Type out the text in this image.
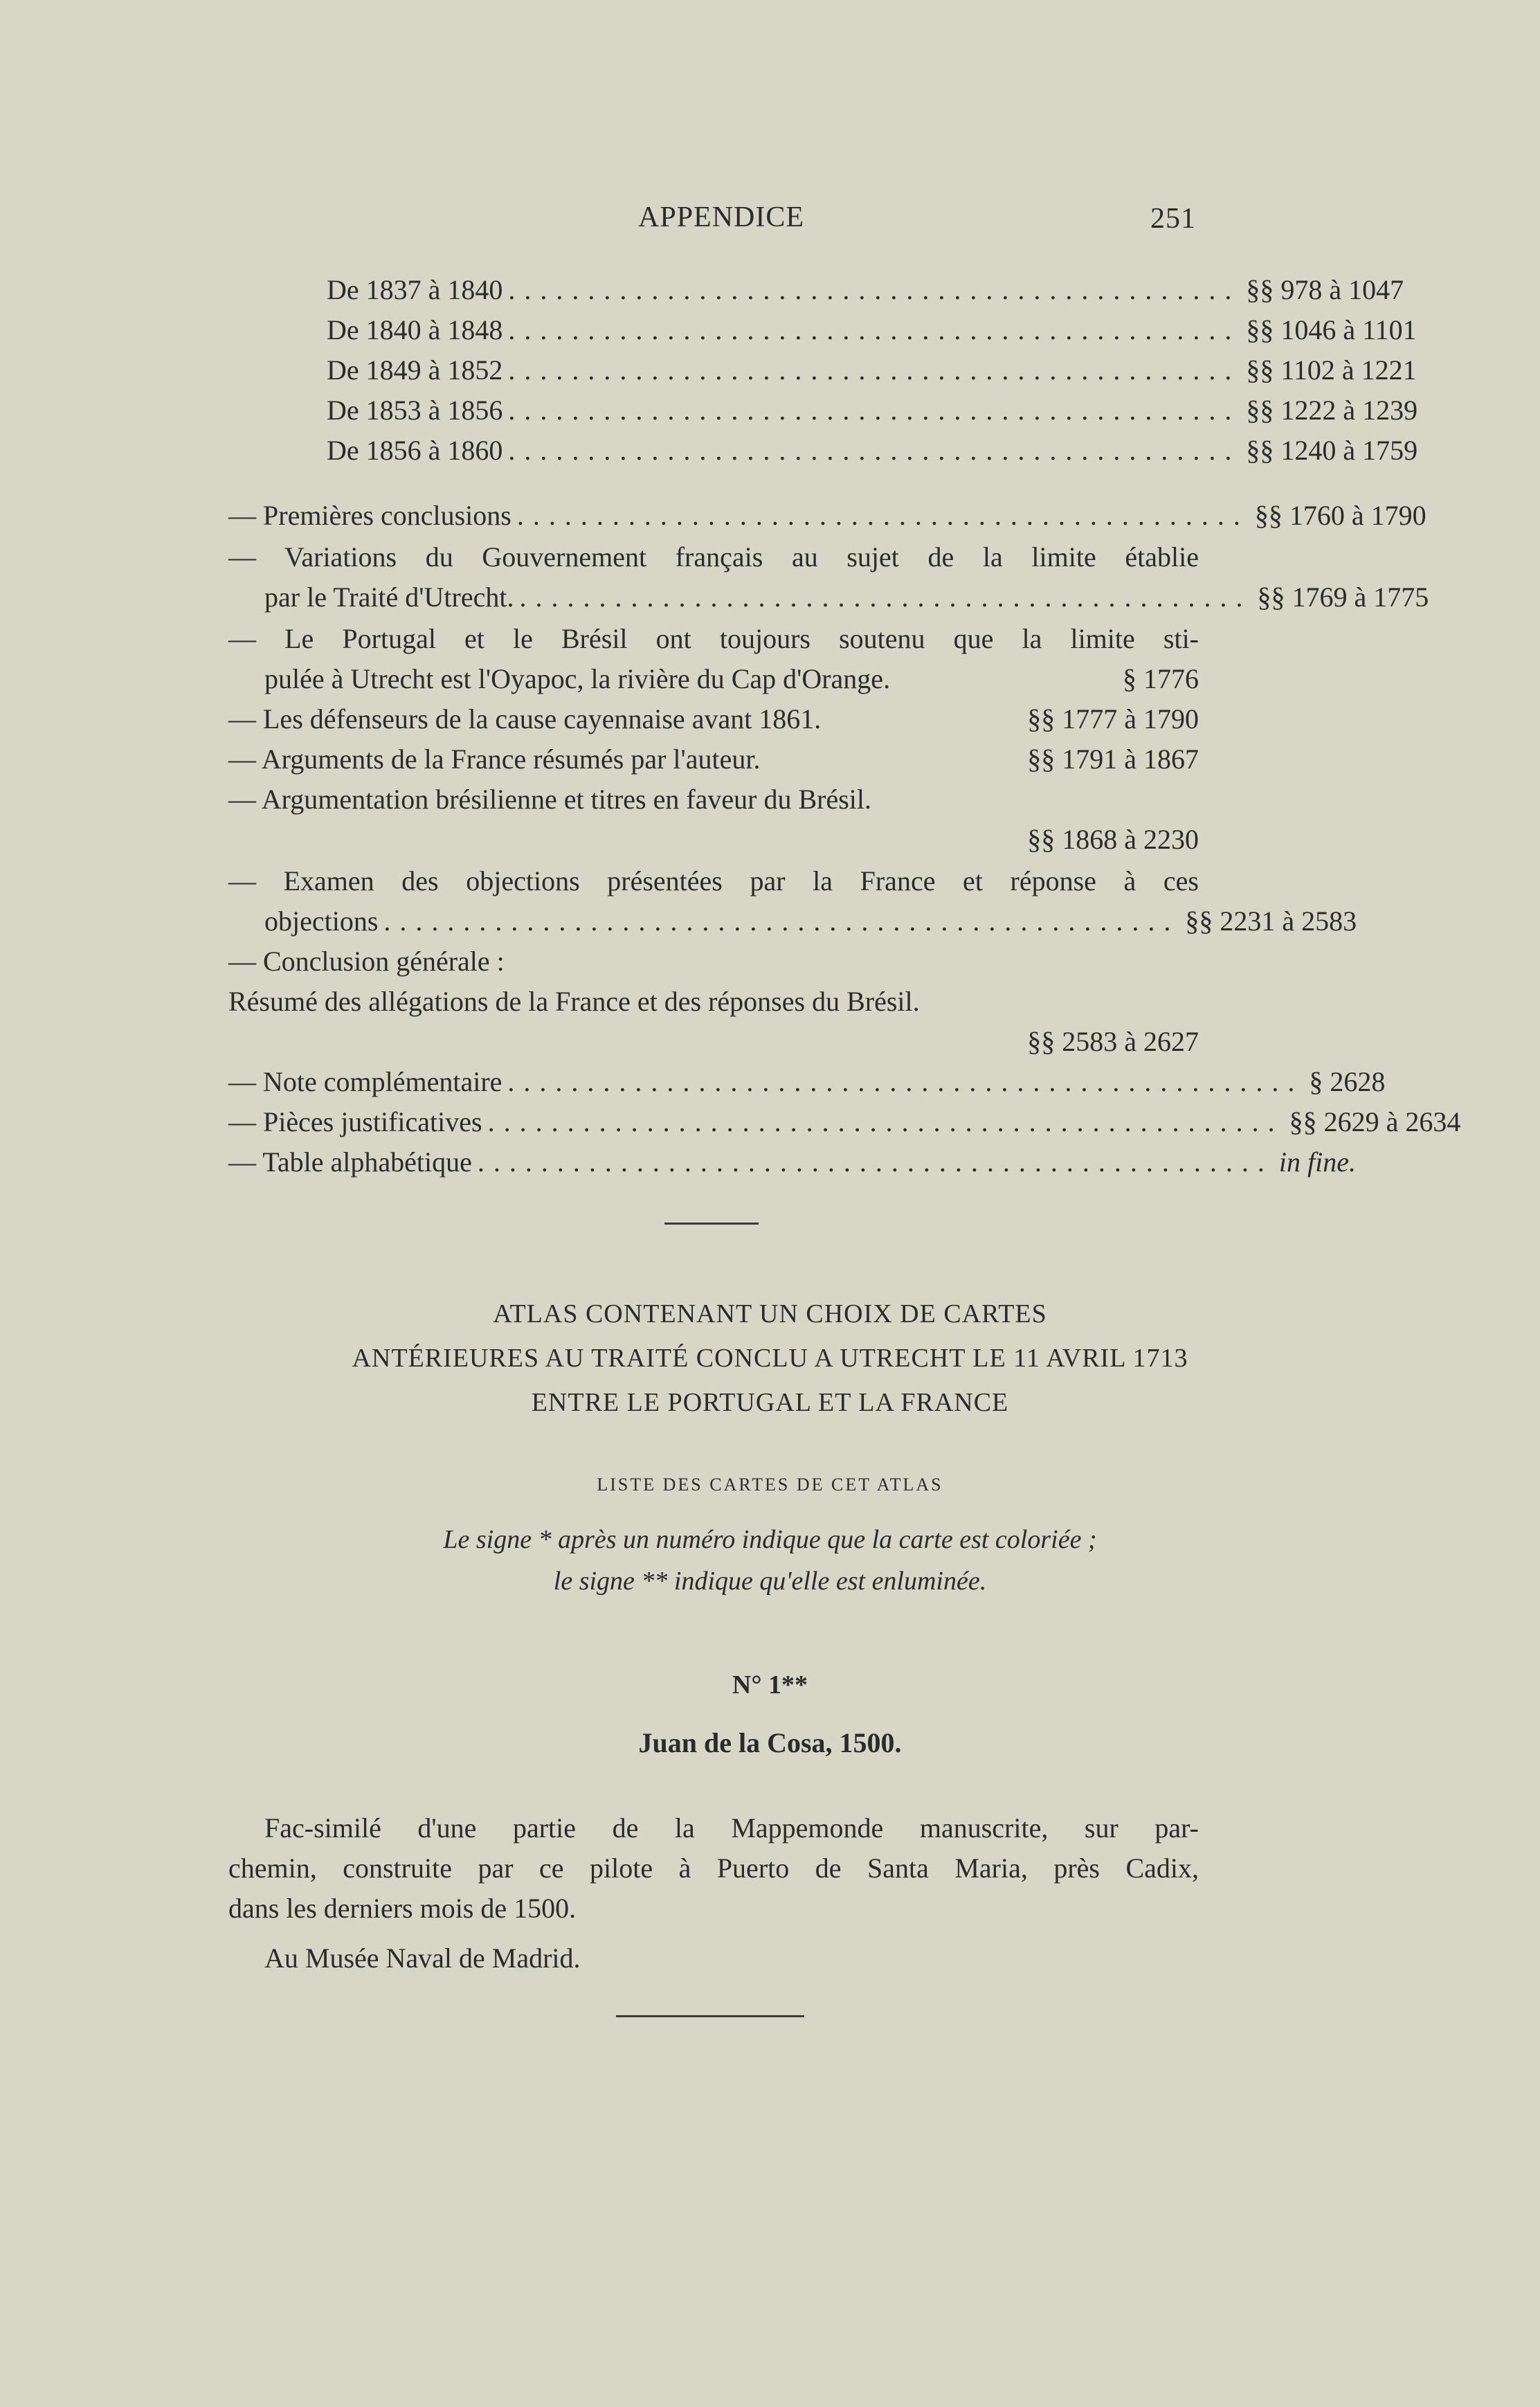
APPENDICE	251
De 1837 à 1840 .............................................. §§ 978 à 1047
De 1840 à 1848 .............................................. §§ 1046 à 1101
De 1849 à 1852 .............................................. §§ 1102 à 1221
De 1853 à 1856 .............................................. §§ 1222 à 1239
De 1856 à 1860 .............................................. §§ 1240 à 1759
— Premières conclusions .............................................. §§ 1760 à 1790
— Variations du Gouvernement français au sujet de la limite établie
par le Traité d'Utrecht. .............................................. §§ 1769 à 1775
— Le Portugal et le Brésil ont toujours soutenu que la limite sti-
pulée à Utrecht est l'Oyapoc, la rivière du Cap d'Orange.	§ 1776
— Les défenseurs de la cause cayennaise avant 1861.	§§ 1777 à 1790
— Arguments de la France résumés par l'auteur.	§§ 1791 à 1867
— Argumentation brésilienne et titres en faveur du Brésil.
§§ 1868 à 2230
— Examen des objections présentées par la France et réponse à ces
objections .................................................. §§ 2231 à 2583
— Conclusion générale :
Résumé des allégations de la France et des réponses du Brésil.
§§ 2583 à 2627
— Note complémentaire .................................................. § 2628
— Pièces justificatives .................................................. §§ 2629 à 2634
— Table alphabétique .................................................. in fine.
ATLAS CONTENANT UN CHOIX DE CARTES
ANTÉRIEURES AU TRAITÉ CONCLU A UTRECHT LE 11 AVRIL 1713
ENTRE LE PORTUGAL ET LA FRANCE
LISTE DES CARTES DE CET ATLAS
Le signe * après un numéro indique que la carte est coloriée ;
le signe ** indique qu'elle est enluminée.
N° 1**
Juan de la Cosa, 1500.
Fac-similé d'une partie de la Mappemonde manuscrite, sur par-
chemin, construite par ce pilote à Puerto de Santa Maria, près Cadix,
dans les derniers mois de 1500.
Au Musée Naval de Madrid.
